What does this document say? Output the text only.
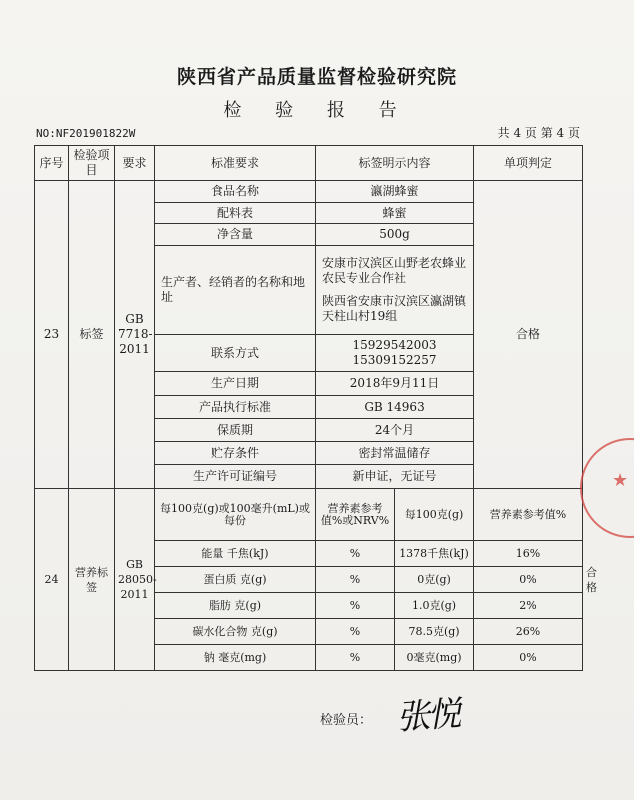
陕西省产品质量监督检验研究院
检 验 报 告
NO:NF201901822W	共 4 页 第 4 页
序号	检验项目	要求	标准要求	标签明示内容		单项判定	
23	标签	GB 7718-2011	食品名称	瀛湖蜂蜜		合格	
			配料表	蜂蜜			
			净含量	500g			
			生产者、经销者的名称和地址	安康市汉滨区山野老农蜂业农民专业合作社
陕西省安康市汉滨区瀛湖镇天柱山村19组			

			联系方式	15929542003
15309152257			

			生产日期	2018年9月11日			
			产品执行标准	GB 14963			
			保质期	24个月			
			贮存条件	密封常温储存			
			生产许可证编号	新申证，无证号			
24	营养标签	GB 28050-2011	每100克(g)或100毫升(mL)或每份	营养素参考值%或NRV%	每100克(g)	营养素参考值%	合格
			能量 千焦(kJ)	%	1378千焦(kJ)	16%	
			蛋白质 克(g)	%	0克(g)	0%	
			脂肪 克(g)	%	1.0克(g)	2%	
			碳水化合物 克(g)	%	78.5克(g)	26%	
			钠 毫克(mg)	%	0毫克(mg)	0%	
检验员： 张悦
★
